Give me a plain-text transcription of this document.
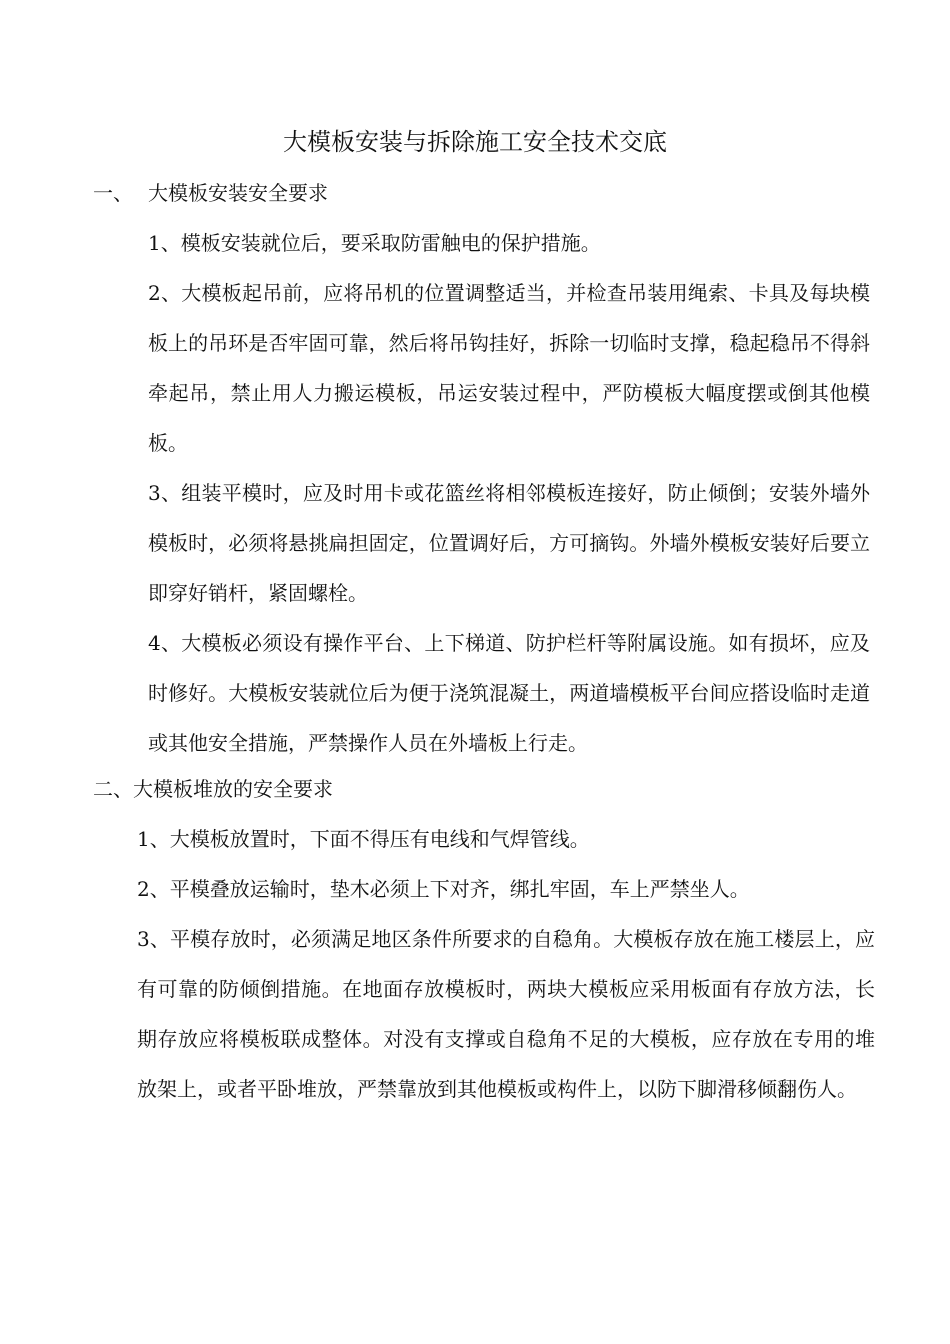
大模板安装与拆除施工安全技术交底
一、 大模板安装安全要求

1、模板安装就位后，要采取防雷触电的保护措施。

2、大模板起吊前，应将吊机的位置调整适当，并检查吊装用绳索、卡具及每块模板上的吊环是否牢固可靠，然后将吊钩挂好，拆除一切临时支撑，稳起稳吊不得斜牵起吊，禁止用人力搬运模板，吊运安装过程中，严防模板大幅度摆或倒其他模板。

3、组装平模时，应及时用卡或花篮丝将相邻模板连接好，防止倾倒；安装外墙外模板时，必须将悬挑扁担固定，位置调好后，方可摘钩。外墙外模板安装好后要立即穿好销杆，紧固螺栓。

4、大模板必须设有操作平台、上下梯道、防护栏杆等附属设施。如有损坏，应及时修好。大模板安装就位后为便于浇筑混凝土，两道墙模板平台间应搭设临时走道或其他安全措施，严禁操作人员在外墙板上行走。

二、大模板堆放的安全要求

1、大模板放置时，下面不得压有电线和气焊管线。

2、平模叠放运输时，垫木必须上下对齐，绑扎牢固，车上严禁坐人。

3、平模存放时，必须满足地区条件所要求的自稳角。大模板存放在施工楼层上，应有可靠的防倾倒措施。在地面存放模板时，两块大模板应采用板面有存放方法，长期存放应将模板联成整体。对没有支撑或自稳角不足的大模板，应存放在专用的堆放架上，或者平卧堆放，严禁靠放到其他模板或构件上，以防下脚滑移倾翻伤人。
